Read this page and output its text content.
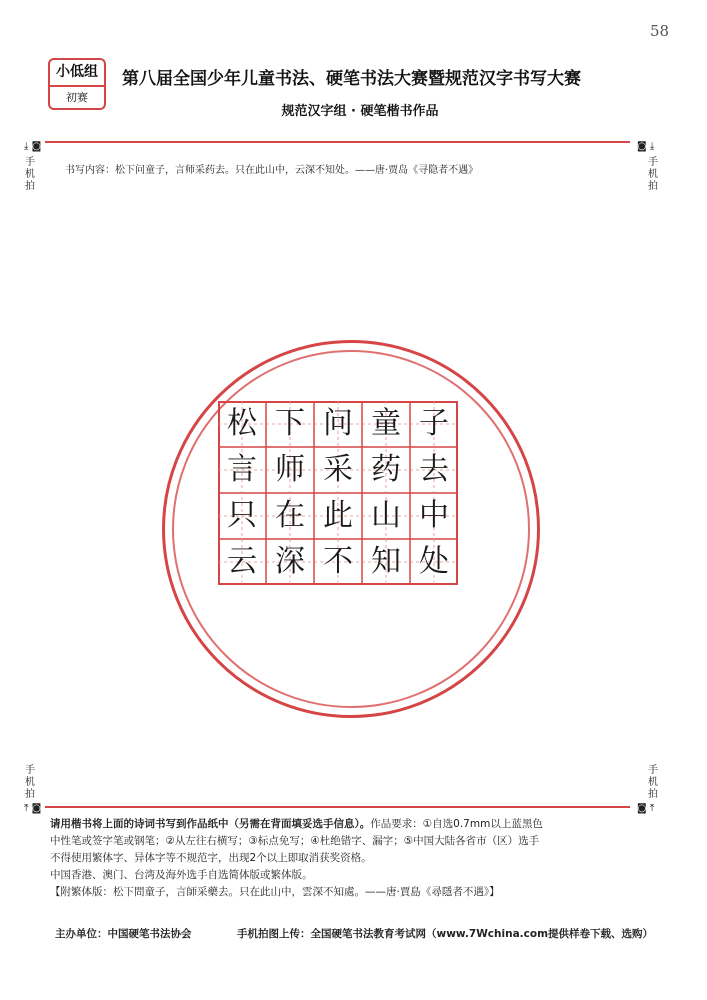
58
小低组
初赛
第八届全国少年儿童书法、硬笔书法大赛暨规范汉字书写大赛
规范汉字组 · 硬笔楷书作品
⤓ ◙
手机拍
◙ ⤓
手机拍
书写内容：松下问童子，言师采药去。只在此山中，云深不知处。——唐·贾岛《寻隐者不遇》
松 下 问 童 子
言 师 采 药 去
只 在 此 山 中
云 深 不 知 处
手机拍
⤒ ◙
手机拍
◙ ⤒

请用楷书将上面的诗词书写到作品纸中（另需在背面填妥选手信息）。作品要求：①自选0.7mm以上蓝黑色

中性笔或签字笔或钢笔；②从左往右横写；③标点免写；④杜绝错字、漏字；⑤中国大陆各省市（区）选手

不得使用繁体字、异体字等不规范字，出现2个以上即取消获奖资格。

中国香港、澳门、台湾及海外选手自选简体版或繁体版。

【附繁体版：松下問童子，言師采藥去。只在此山中，雲深不知處。——唐·賈島《尋隱者不遇》】

主办单位：中国硬笔书法协会	手机拍图上传：全国硬笔书法教育考试网（www.7Wchina.com提供样卷下载、选购）
